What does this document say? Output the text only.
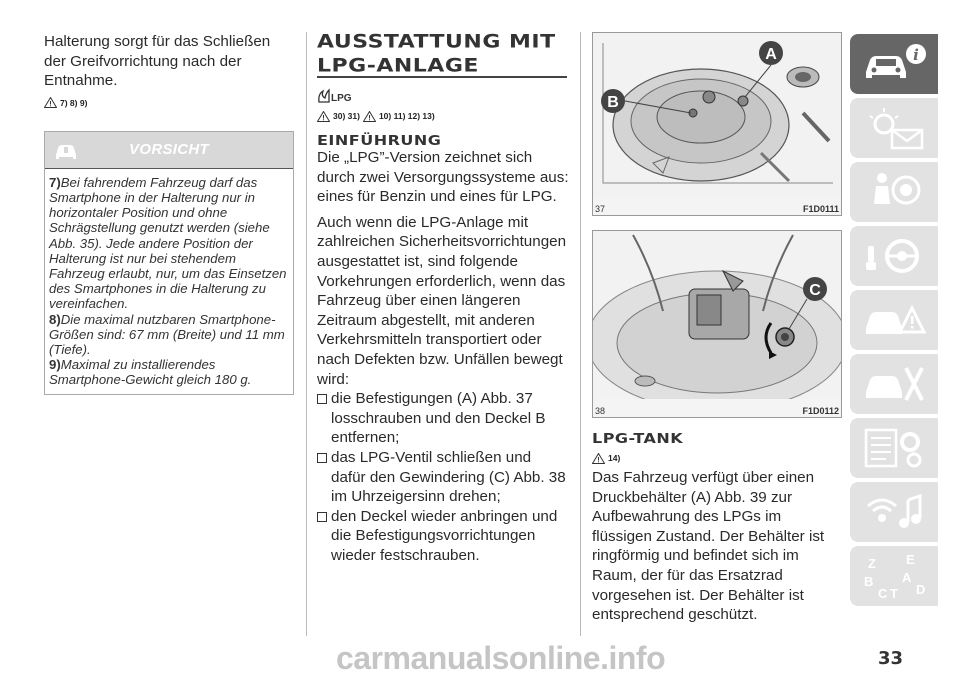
Halterung sorgt für das Schließen der Greifvorrichtung nach der Entnahme.
7) 8) 9)
VORSICHT

7)Bei fahrendem Fahrzeug darf das Smartphone in der Halterung nur in horizontaler Position und ohne Schrägstellung genutzt werden (siehe Abb. 35). Jede andere Position der Halterung ist nur bei stehendem Fahrzeug erlaubt, nur, um das Einsetzen des Smartphones in die Halterung zu vereinfachen.

8)Die maximal nutzbaren Smartphone-Größen sind: 67 mm (Breite) und 11 mm (Tiefe).

9)Maximal zu installierendes Smartphone-Gewicht gleich 180 g.

AUSSTATTUNG MIT
LPG-ANLAGE
LPG
30) 31) 10) 11) 12) 13)
EINFÜHRUNG
Die „LPG”-Version zeichnet sich durch zwei Versorgungssysteme aus: eines für Benzin und eines für LPG.
Auch wenn die LPG-Anlage mit zahlreichen Sicherheitsvorrichtungen ausgestattet ist, sind folgende Vorkehrungen erforderlich, wenn das Fahrzeug über einen längeren Zeitraum abgestellt, mit anderen Verkehrsmitteln transportiert oder nach Defekten bzw. Unfällen bewegt wird:
die Befestigungen (A) Abb. 37 losschrauben und den Deckel B entfernen;
das LPG-Ventil schließen und dafür den Gewindering (C) Abb. 38 im Uhrzeigersinn drehen;
den Deckel wieder anbringen und die Befestigungsvorrichtungen wieder festschrauben.
A
B
37	F1D0111
C
38	F1D0112
LPG-TANK
14)
Das Fahrzeug verfügt über einen Druckbehälter (A) Abb. 39 zur Aufbewahrung des LPGs im flüssigen Zustand. Der Behälter ist ringförmig und befindet sich im Raum, der für das Ersatzrad vorgesehen ist. Der Behälter ist entsprechend geschützt.
i
Z E
B A
C T D
carmanualsonline.info	33
